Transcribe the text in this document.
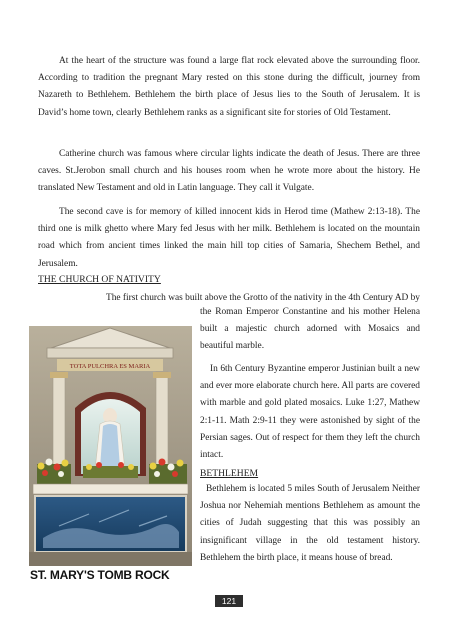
At the heart of the structure was found a large flat rock elevated above the surrounding floor. According to tradition the pregnant Mary rested on this stone during the difficult, journey from Nazareth to Bethlehem. Bethlehem the birth place of Jesus lies to the South of Jerusalem. It is David’s home town, clearly Bethlehem ranks as a significant site for stories of Old Testament.

Catherine church was famous where circular lights indicate the death of Jesus. There are three caves. St.Jerobon small church and his houses room when he wrote more about the history. He translated New Testament and old in Latin language. They call it Vulgate.

The second cave is for memory of killed innocent kids in Herod time (Mathew 2:13-18). The third one is milk ghetto where Mary fed Jesus with her milk. Bethlehem is located on the mountain road which from ancient times linked the main hill top cities of Samaria, Shechem Bethel, and Jerusalem.

THE CHURCH OF NATIVITY

The first church was built above the Grotto of the nativity in the 4th Century AD by

TOTA PULCHRA ES MARIA

the Roman Emperor Constantine and his mother Helena built a majestic church adorned with Mosaics and beautiful marble.

In 6th Century Byzantine emperor Justinian built a new and ever more elaborate church here. All parts are covered with marble and gold plated mosaics. Luke 1:27, Mathew 2:1-11. Math 2:9-11 they were astonished by sight of the Persian sages. Out of respect for them they left the church intact.

BETHLEHEM

Bethlehem is located 5 miles South of Jerusalem Neither Joshua nor Nehemiah mentions Bethlehem as amount the cities of Judah suggesting that this was possibly an insignificant village in the old testament history. Bethlehem the birth place, it means house of bread.

ST. MARY'S TOMB ROCK

121
